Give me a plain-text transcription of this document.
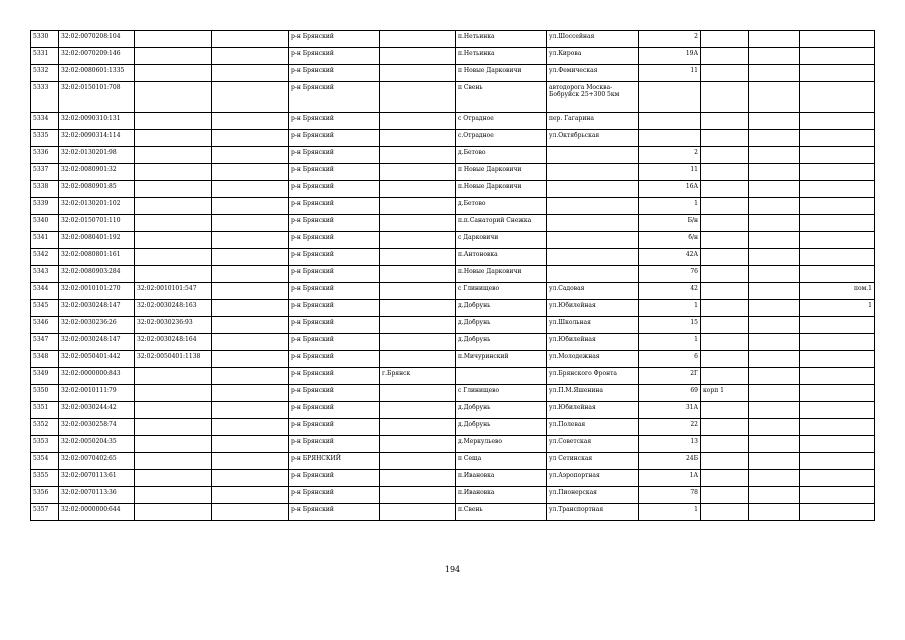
5330	32:02:0070208:104			р-н Брянский		п.Нетьинка	ул.Шоссейная	2			
5331	32:02:0070209:146			р-н Брянский		п.Нетьинка	ул.Кирова	19А			
5332	32:02:0080601:1335			р-н Брянский		п Новые Дарковичи	ул.Фемическая	11			
5333	32:02:0150101:708			р-н Брянский		п Свень	автодорога Москва-Бобруйск 25+300 5км				
5334	32:02:0090310:131			р-н Брянский		с Отрадное	пер. Гагарина				
5335	32:02:0090314:114			р-н Брянский		с.Отрадное	ул.Октябрьская				
5336	32:02:0130201:98			р-н Брянский		д.Бетово		2			
5337	32:02:0080901:32			р-н Брянский		п Новые Дарковичи		11			
5338	32:02:0080901:85			р-н Брянский		п.Новые Дарковичи		16А			
5339	32:02:0130201:102			р-н Брянский		д.Бетово		1			
5340	32:02:0150701:110			р-н Брянский		п.п.Санаторий Снежка		Б/н			
5341	32:02:0080401:192			р-н Брянский		с Дарковичи		б/н			
5342	32:02:0080801:161			р-н Брянский		п.Антоновка		42А			
5343	32:02:0080903:284			р-н Брянский		п.Новые Дарковичи		76			
5344	32:02:0010101:270	32:02:0010101:547		р-н Брянский		с Глинищево	ул.Садовая	42			пом.1
5345	32:02:0030248:147	32:02:0030248:163		р-н Брянский		д.Добрунь	ул.Юбилейная	1			1
5346	32:02:0030236:26	32:02:0030236:93		р-н Брянский		д.Добрунь	ул.Школьная	15			
5347	32:02:0030248:147	32:02:0030248:164		р-н Брянский		д.Добрунь	ул.Юбилейная	1			
5348	32:02:0050401:442	32:02:0050401:1138		р-н Брянский		п.Мичуринский	ул.Молодежная	6			
5349	32:02:0000000:843			р-н Брянский	г.Брянск		ул.Брянского Фронта	2Г			
5350	32:02:0010111:79			р-н Брянский		с Глинищево	ул.П.М.Яшенина	69	корп 1		
5351	32:02:0030244:42			р-н Брянский		д.Добрунь	ул.Юбилейная	31А			
5352	32:02:0030258:74			р-н Брянский		д.Добрунь	ул.Полевая	22			
5353	32:02:0050204:35			р-н Брянский		д.Меркульево	ул.Советская	13			
5354	32:02:0070402:65			р-н БРЯНСКИЙ		п Сеща	ул Сетинская	24Б			
5355	32:02:0070113:61			р-н Брянский		п.Ивановка	ул.Аэропортная	1А			
5356	32:02:0070113:36			р-н Брянский		п.Ивановка	ул.Пионерская	78			
5357	32:02:0000000:644			р-н Брянский		п.Свень	ул.Транспортная	1			
194
